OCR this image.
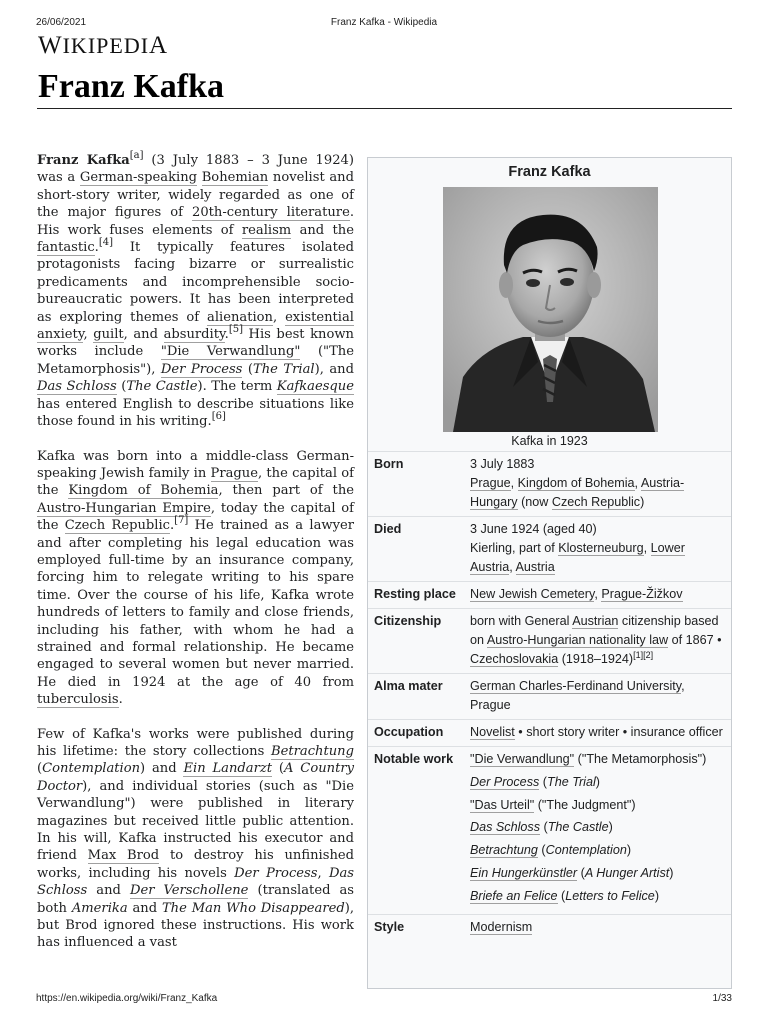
26/06/2021	Franz Kafka - Wikipedia
WIKIPEDIA
Franz Kafka

Franz Kafka[a] (3 July 1883 – 3 June 1924) was a German-speaking Bohemian novelist and short-story writer, widely regarded as one of the major figures of 20th-century literature. His work fuses elements of realism and the fantastic.[4] It typically features isolated protagonists facing bizarre or surrealistic predicaments and incomprehensible socio-bureaucratic powers. It has been interpreted as exploring themes of alienation, existential anxiety, guilt, and absurdity.[5] His best known works include "Die Verwandlung" ("The Metamorphosis"), Der Process (The Trial), and Das Schloss (The Castle). The term Kafkaesque has entered English to describe situations like those found in his writing.[6]

Kafka was born into a middle-class German-speaking Jewish family in Prague, the capital of the Kingdom of Bohemia, then part of the Austro-Hungarian Empire, today the capital of the Czech Republic.[7] He trained as a lawyer and after completing his legal education was employed full-time by an insurance company, forcing him to relegate writing to his spare time. Over the course of his life, Kafka wrote hundreds of letters to family and close friends, including his father, with whom he had a strained and formal relationship. He became engaged to several women but never married. He died in 1924 at the age of 40 from tuberculosis.

Few of Kafka's works were published during his lifetime: the story collections Betrachtung (Contemplation) and Ein Landarzt (A Country Doctor), and individual stories (such as "Die Verwandlung") were published in literary magazines but received little public attention. In his will, Kafka instructed his executor and friend Max Brod to destroy his unfinished works, including his novels Der Process, Das Schloss and Der Verschollene (translated as both Amerika and The Man Who Disappeared), but Brod ignored these instructions. His work has influenced a vast

Franz Kafka
Kafka in 1923
Born	3 July 1883
Prague, Kingdom of Bohemia, Austria-Hungary (now Czech Republic)
Died	3 June 1924 (aged 40)
Kierling, part of Klosterneuburg, Lower Austria, Austria
Resting place	New Jewish Cemetery, Prague-Žižkov
Citizenship	born with General Austrian citizenship based on Austro-Hungarian nationality law of 1867 • Czechoslovakia (1918–1924)[1][2]
Alma mater	German Charles-Ferdinand University, Prague
Occupation	Novelist • short story writer • insurance officer
Notable work	"Die Verwandlung" ("The Metamorphosis")
Der Process (The Trial)
"Das Urteil" ("The Judgment")
Das Schloss (The Castle)
Betrachtung (Contemplation)
Ein Hungerkünstler (A Hunger Artist)
Briefe an Felice (Letters to Felice)
Style	Modernism
https://en.wikipedia.org/wiki/Franz_Kafka	1/33
